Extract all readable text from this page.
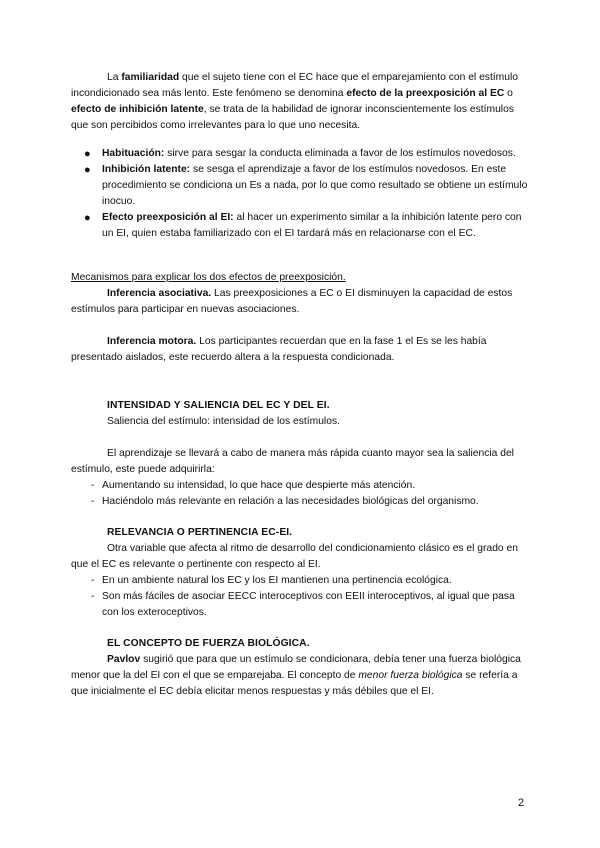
La familiaridad que el sujeto tiene con el EC hace que el emparejamiento con el estímulo incondicionado sea más lento. Este fenómeno se denomina efecto de la preexposición al EC o efecto de inhibición latente, se trata de la habilidad de ignorar inconscientemente los estímulos que son percibidos como irrelevantes para lo que uno necesita.

● Habituación: sirve para sesgar la conducta eliminada a favor de los estímulos novedosos.
● Inhibición latente: se sesga el aprendizaje a favor de los estímulos novedosos. En este procedimiento se condiciona un Es a nada, por lo que como resultado se obtiene un estímulo inocuo.
● Efecto preexposición al EI: al hacer un experimento similar a la inhibición latente pero con un EI, quien estaba familiarizado con el EI tardará más en relacionarse con el EC.

Mecanismos para explicar los dos efectos de preexposición.

Inferencia asociativa. Las preexposiciones a EC o EI disminuyen la capacidad de estos estímulos para participar en nuevas asociaciones.

Inferencia motora. Los participantes recuerdan que en la fase 1 el Es se les había presentado aislados, este recuerdo altera a la respuesta condicionada.

INTENSIDAD Y SALIENCIA DEL EC Y DEL EI.

Saliencia del estímulo: intensidad de los estímulos.

El aprendizaje se llevará a cabo de manera más rápida cuanto mayor sea la saliencia del estímulo, este puede adquirirla:

- Aumentando su intensidad, lo que hace que despierte más atención.
- Haciéndolo más relevante en relación a las necesidades biológicas del organismo.

RELEVANCIA O PERTINENCIA EC-EI.

Otra variable que afecta al ritmo de desarrollo del condicionamiento clásico es el grado en que el EC es relevante o pertinente con respecto al EI.

- En un ambiente natural los EC y los EI mantienen una pertinencia ecológica.
- Son más fáciles de asociar EECC interoceptivos con EEII interoceptivos, al igual que pasa con los exteroceptivos.

EL CONCEPTO DE FUERZA BIOLÓGICA.

Pavlov sugirió que para que un estímulo se condicionara, debía tener una fuerza biológica menor que la del EI con el que se emparejaba. El concepto de menor fuerza biológica se refería a que inicialmente el EC debía elicitar menos respuestas y más débiles que el EI.

2
